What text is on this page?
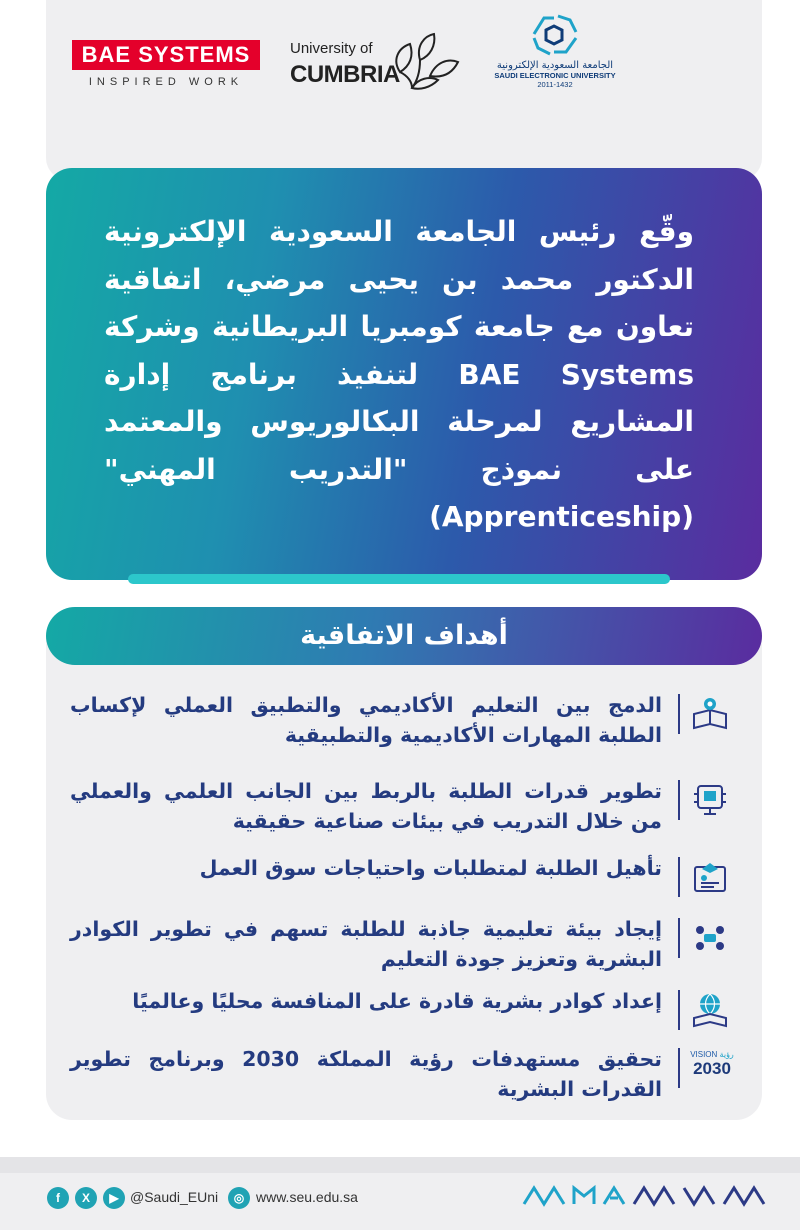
BAE SYSTEMS
INSPIRED WORK
University of
CUMBRIA	الجامعة السعودية الإلكترونية
SAUDI ELECTRONIC UNIVERSITY
2011-1432
وقّع رئيس الجامعة السعودية الإلكترونية الدكتور محمد بن يحيى مرضي، اتفاقية تعاون مع جامعة كومبريا البريطانية وشركة BAE Systems لتنفيذ برنامج إدارة المشاريع لمرحلة البكالوريوس والمعتمد على نموذج "التدريب المهني" (Apprenticeship)
أهداف الاتفاقية
الدمج بين التعليم الأكاديمي والتطبيق العملي لإكساب الطلبة المهارات الأكاديمية والتطبيقية
تطوير قدرات الطلبة بالربط بين الجانب العلمي والعملي من خلال التدريب في بيئات صناعية حقيقية
تأهيل الطلبة لمتطلبات واحتياجات سوق العمل
إيجاد بيئة تعليمية جاذبة للطلبة تسهم في تطوير الكوادر البشرية وتعزيز جودة التعليم
إعداد كوادر بشرية قادرة على المنافسة محليًا وعالميًا
تحقيق مستهدفات رؤية المملكة 2030 وبرنامج تطوير القدرات البشرية
VISION رؤية
2030
f	X	▶ @Saudi_EUni	◎ www.seu.edu.sa
